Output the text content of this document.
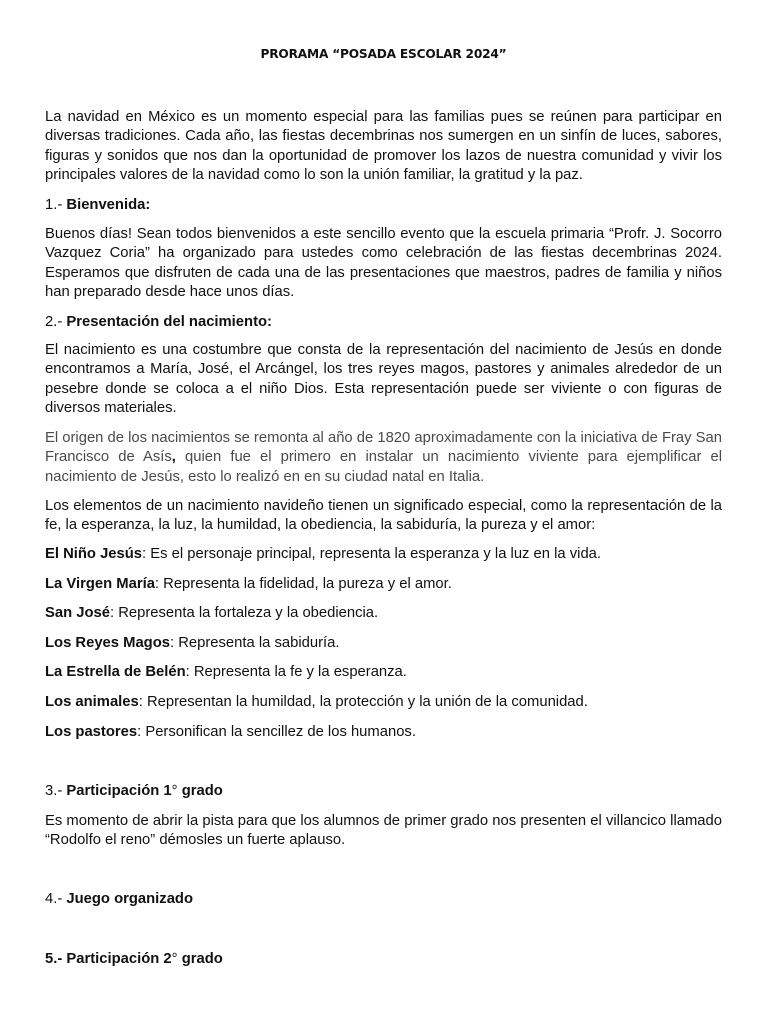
PRORAMA “POSADA ESCOLAR 2024”

La navidad en México es un momento especial para las familias pues se reúnen para participar en diversas tradiciones. Cada año, las fiestas decembrinas nos sumergen en un sinfín de luces, sabores, figuras y sonidos que nos dan la oportunidad de promover los lazos de nuestra comunidad y vivir los principales valores de la navidad como lo son la unión familiar, la gratitud y la paz.

1.- Bienvenida:

Buenos días! Sean todos bienvenidos a este sencillo evento que la escuela primaria “Profr. J. Socorro Vazquez Coria” ha organizado para ustedes como celebración de las fiestas decembrinas 2024. Esperamos que disfruten de cada una de las presentaciones que maestros, padres de familia y niños han preparado desde hace unos días.

2.- Presentación del nacimiento:

El nacimiento es una costumbre que consta de la representación del nacimiento de Jesús en donde encontramos a María, José, el Arcángel, los tres reyes magos, pastores y animales alrededor de un pesebre donde se coloca a el niño Dios. Esta representación puede ser viviente o con figuras de diversos materiales.

El origen de los nacimientos se remonta al año de 1820 aproximadamente con la iniciativa de Fray San Francisco de Asís, quien fue el primero en instalar un nacimiento viviente para ejemplificar el nacimiento de Jesús, esto lo realizó en en su ciudad natal en Italia.

Los elementos de un nacimiento navideño tienen un significado especial, como la representación de la fe, la esperanza, la luz, la humildad, la obediencia, la sabiduría, la pureza y el amor:

El Niño Jesús: Es el personaje principal, representa la esperanza y la luz en la vida.

La Virgen María: Representa la fidelidad, la pureza y el amor.

San José: Representa la fortaleza y la obediencia.

Los Reyes Magos: Representa la sabiduría.

La Estrella de Belén: Representa la fe y la esperanza.

Los animales: Representan la humildad, la protección y la unión de la comunidad.

Los pastores: Personifican la sencillez de los humanos.

3.- Participación 1° grado

Es momento de abrir la pista para que los alumnos de primer grado nos presenten el villancico llamado “Rodolfo el reno” démosles un fuerte aplauso.

4.- Juego organizado

5.- Participación 2° grado
